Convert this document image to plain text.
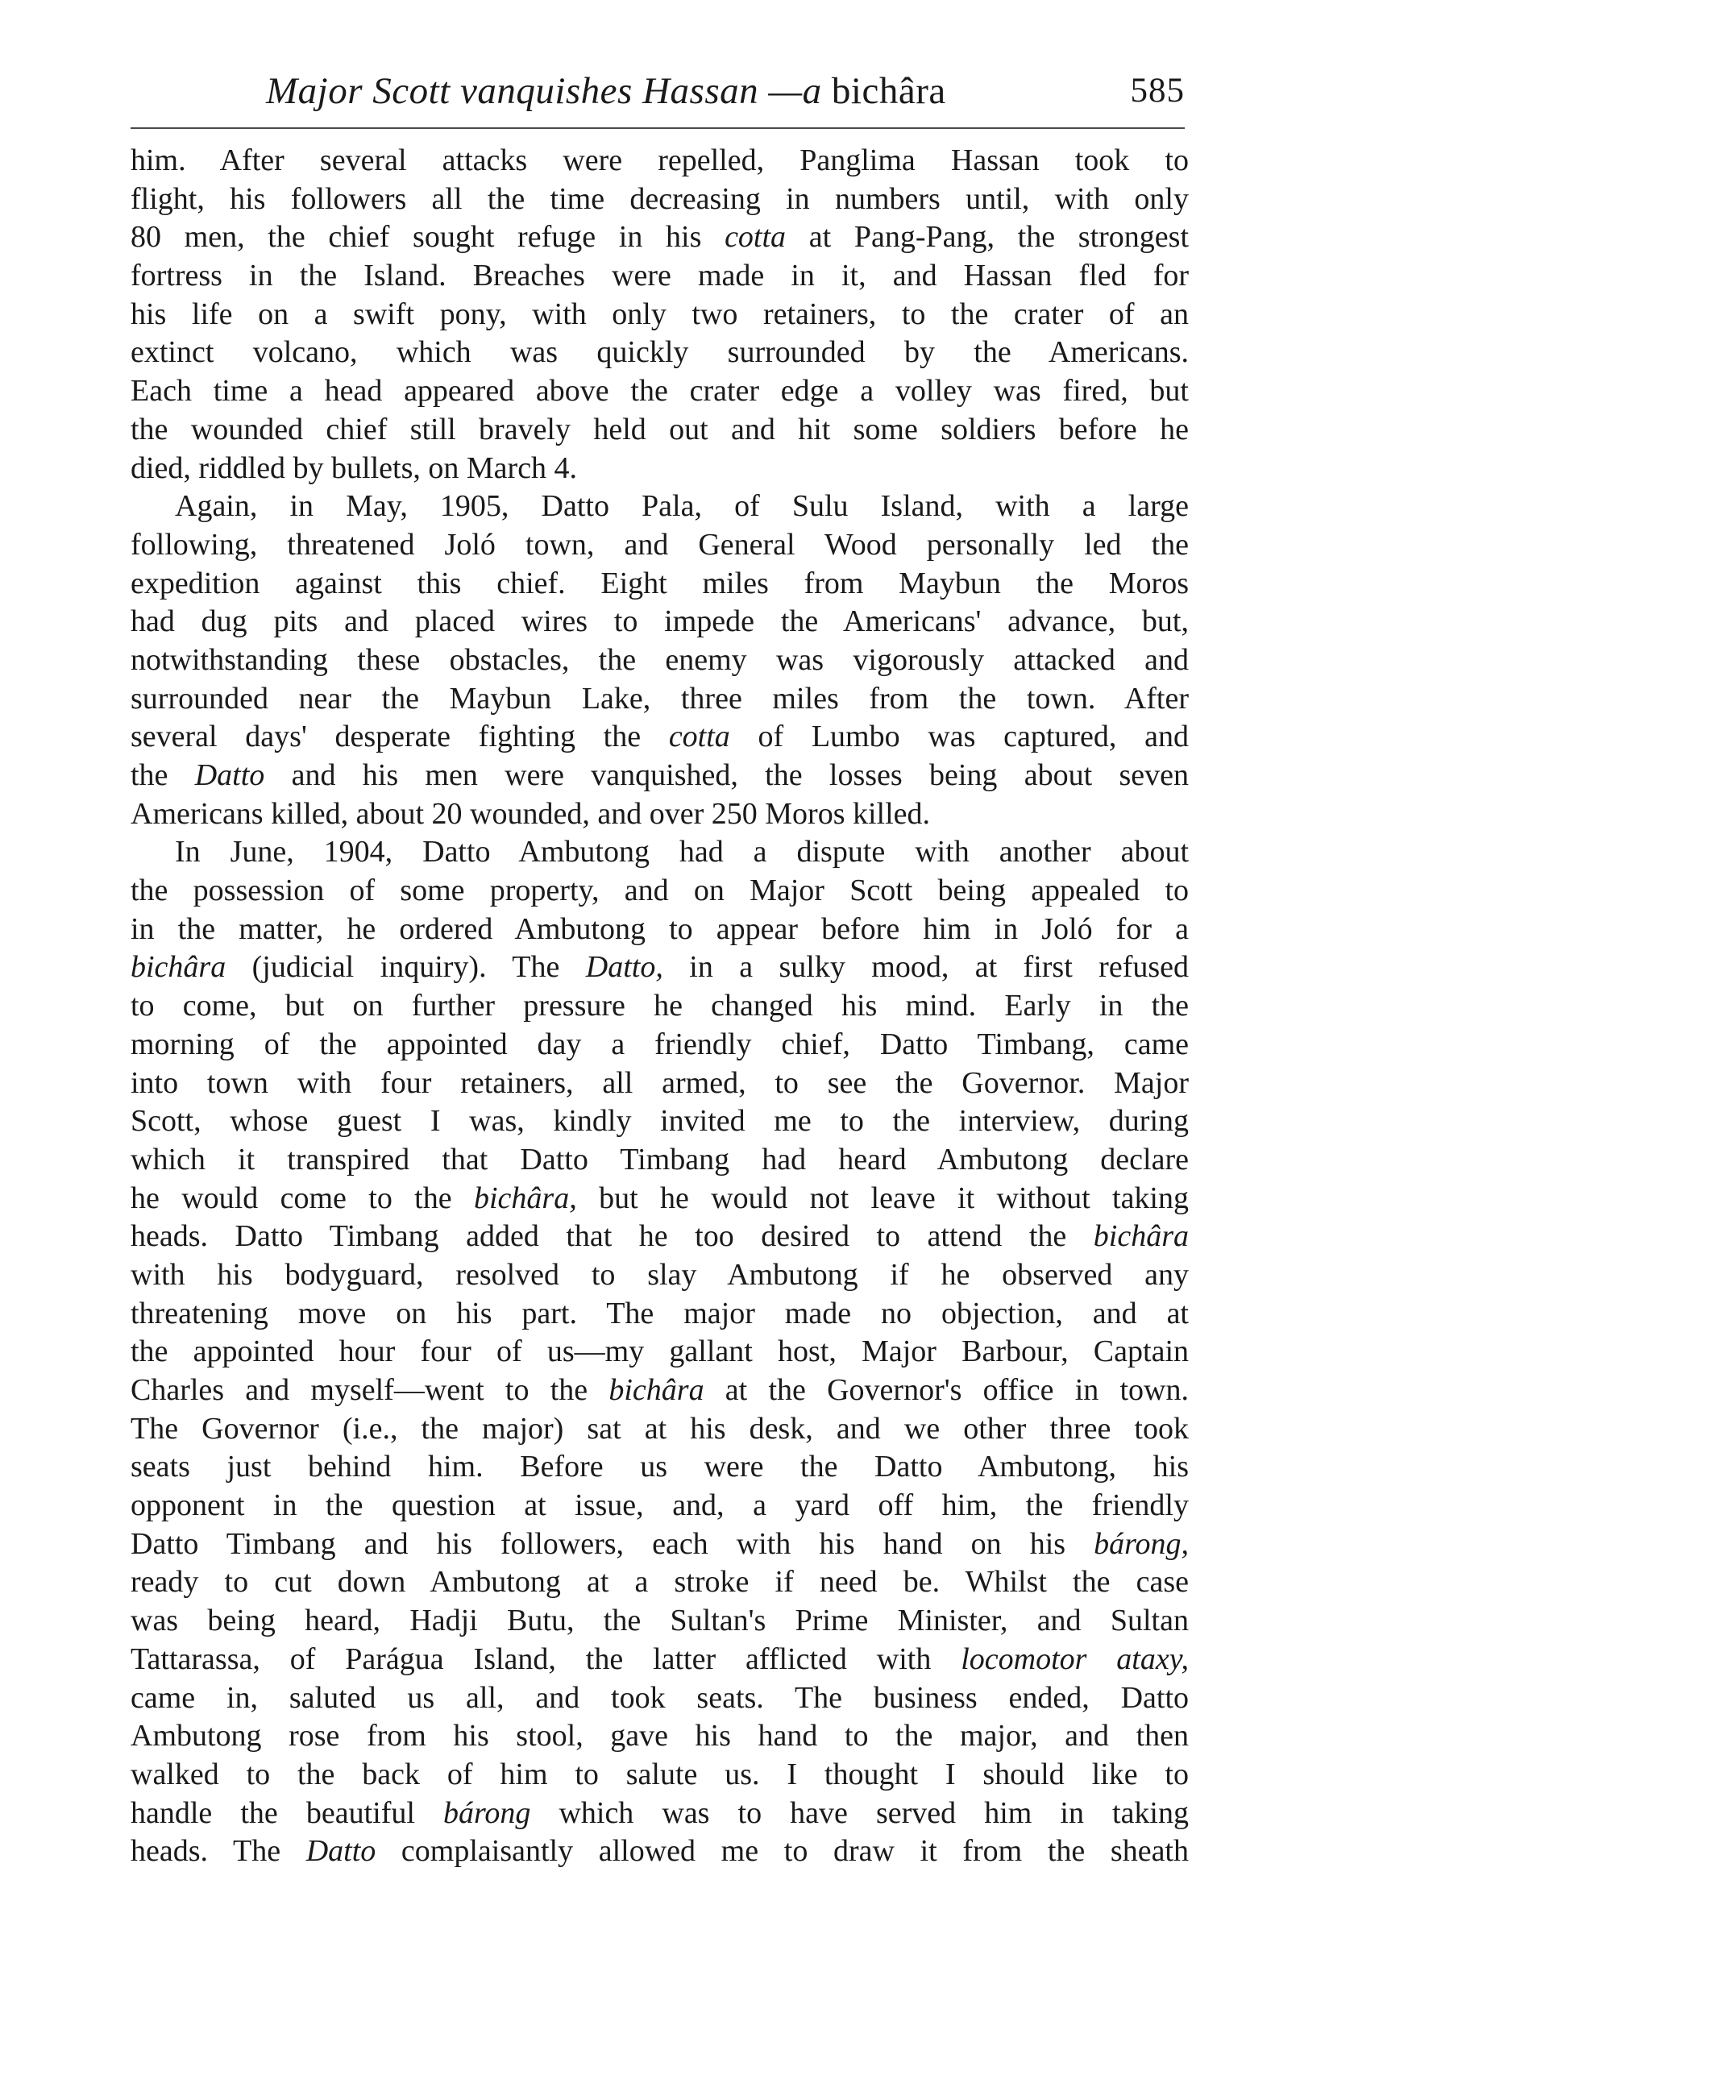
Major Scott vanquishes Hassan —a bichâra	585
him. After several attacks were repelled, Panglima Hassan took to
flight, his followers all the time decreasing in numbers until, with only
80 men, the chief sought refuge in his cotta at Pang-Pang, the strongest
fortress in the Island. Breaches were made in it, and Hassan fled for
his life on a swift pony, with only two retainers, to the crater of an
extinct volcano, which was quickly surrounded by the Americans.
Each time a head appeared above the crater edge a volley was fired, but
the wounded chief still bravely held out and hit some soldiers before he
died, riddled by bullets, on March 4.
Again, in May, 1905, Datto Pala, of Sulu Island, with a large
following, threatened Joló town, and General Wood personally led the
expedition against this chief. Eight miles from Maybun the Moros
had dug pits and placed wires to impede the Americans' advance, but,
notwithstanding these obstacles, the enemy was vigorously attacked and
surrounded near the Maybun Lake, three miles from the town. After
several days' desperate fighting the cotta of Lumbo was captured, and
the Datto and his men were vanquished, the losses being about seven
Americans killed, about 20 wounded, and over 250 Moros killed.
In June, 1904, Datto Ambutong had a dispute with another about
the possession of some property, and on Major Scott being appealed to
in the matter, he ordered Ambutong to appear before him in Joló for a
bichâra (judicial inquiry). The Datto, in a sulky mood, at first refused
to come, but on further pressure he changed his mind. Early in the
morning of the appointed day a friendly chief, Datto Timbang, came
into town with four retainers, all armed, to see the Governor. Major
Scott, whose guest I was, kindly invited me to the interview, during
which it transpired that Datto Timbang had heard Ambutong declare
he would come to the bichâra, but he would not leave it without taking
heads. Datto Timbang added that he too desired to attend the bichâra
with his bodyguard, resolved to slay Ambutong if he observed any
threatening move on his part. The major made no objection, and at
the appointed hour four of us—my gallant host, Major Barbour, Captain
Charles and myself—went to the bichâra at the Governor's office in town.
The Governor (i.e., the major) sat at his desk, and we other three took
seats just behind him. Before us were the Datto Ambutong, his
opponent in the question at issue, and, a yard off him, the friendly
Datto Timbang and his followers, each with his hand on his bárong,
ready to cut down Ambutong at a stroke if need be. Whilst the case
was being heard, Hadji Butu, the Sultan's Prime Minister, and Sultan
Tattarassa, of Parágua Island, the latter afflicted with locomotor ataxy,
came in, saluted us all, and took seats. The business ended, Datto
Ambutong rose from his stool, gave his hand to the major, and then
walked to the back of him to salute us. I thought I should like to
handle the beautiful bárong which was to have served him in taking
heads. The Datto complaisantly allowed me to draw it from the sheath
